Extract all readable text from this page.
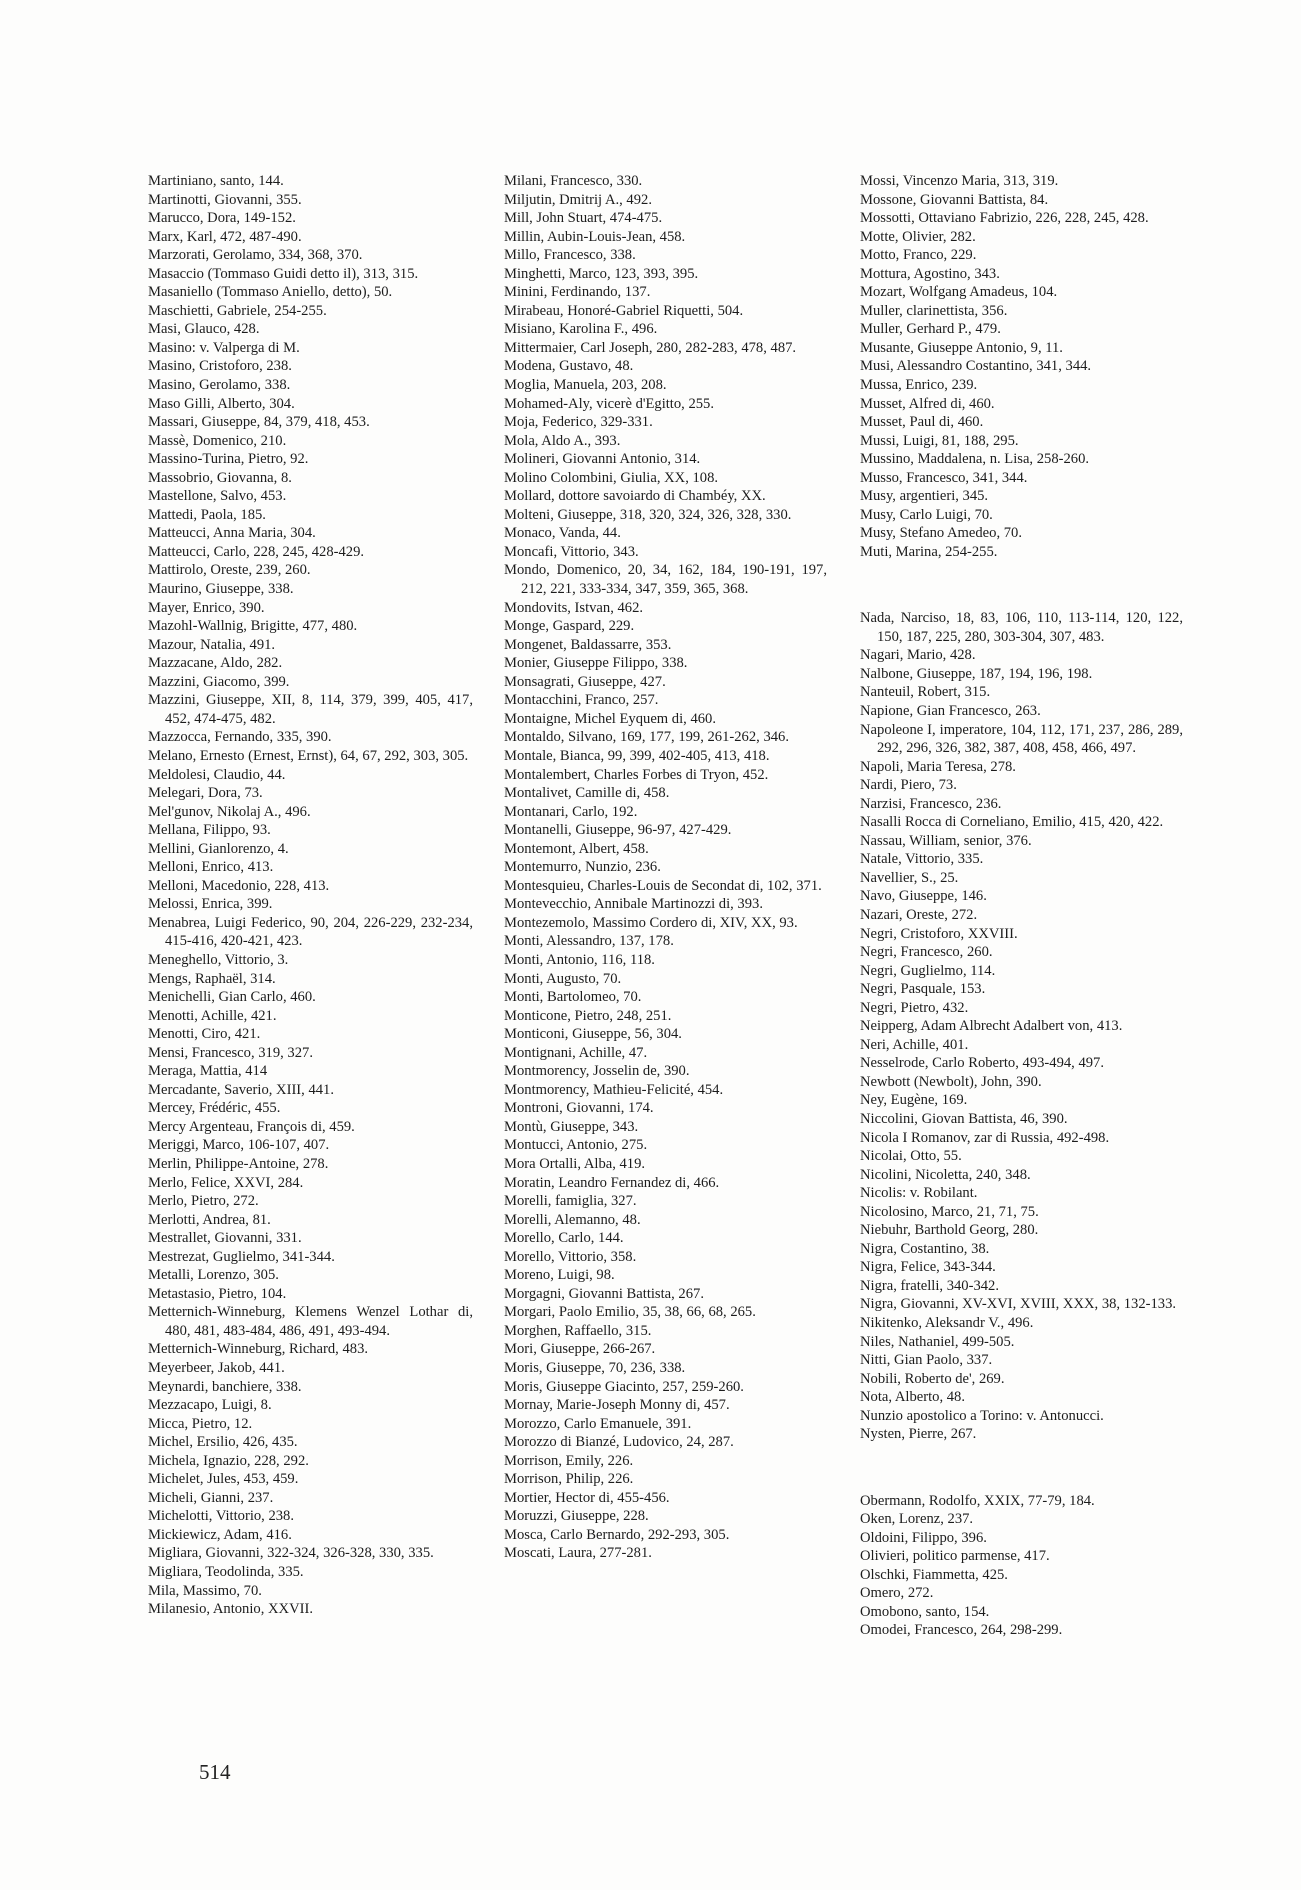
Martiniano, santo, 144.

Martinotti, Giovanni, 355.

Marucco, Dora, 149-152.

Marx, Karl, 472, 487-490.

Marzorati, Gerolamo, 334, 368, 370.

Masaccio (Tommaso Guidi detto il), 313, 315.

Masaniello (Tommaso Aniello, detto), 50.

Maschietti, Gabriele, 254-255.

Masi, Glauco, 428.

Masino: v. Valperga di M.

Masino, Cristoforo, 238.

Masino, Gerolamo, 338.

Maso Gilli, Alberto, 304.

Massari, Giuseppe, 84, 379, 418, 453.

Massè, Domenico, 210.

Massino-Turina, Pietro, 92.

Massobrio, Giovanna, 8.

Mastellone, Salvo, 453.

Mattedi, Paola, 185.

Matteucci, Anna Maria, 304.

Matteucci, Carlo, 228, 245, 428-429.

Mattirolo, Oreste, 239, 260.

Maurino, Giuseppe, 338.

Mayer, Enrico, 390.

Mazohl-Wallnig, Brigitte, 477, 480.

Mazour, Natalia, 491.

Mazzacane, Aldo, 282.

Mazzini, Giacomo, 399.

Mazzini, Giuseppe, XII, 8, 114, 379, 399, 405, 417, 452, 474-475, 482.

Mazzocca, Fernando, 335, 390.

Melano, Ernesto (Ernest, Ernst), 64, 67, 292, 303, 305.

Meldolesi, Claudio, 44.

Melegari, Dora, 73.

Mel'gunov, Nikolaj A., 496.

Mellana, Filippo, 93.

Mellini, Gianlorenzo, 4.

Melloni, Enrico, 413.

Melloni, Macedonio, 228, 413.

Melossi, Enrica, 399.

Menabrea, Luigi Federico, 90, 204, 226-229, 232-234, 415-416, 420-421, 423.

Meneghello, Vittorio, 3.

Mengs, Raphaël, 314.

Menichelli, Gian Carlo, 460.

Menotti, Achille, 421.

Menotti, Ciro, 421.

Mensi, Francesco, 319, 327.

Meraga, Mattia, 414

Mercadante, Saverio, XIII, 441.

Mercey, Frédéric, 455.

Mercy Argenteau, François di, 459.

Meriggi, Marco, 106-107, 407.

Merlin, Philippe-Antoine, 278.

Merlo, Felice, XXVI, 284.

Merlo, Pietro, 272.

Merlotti, Andrea, 81.

Mestrallet, Giovanni, 331.

Mestrezat, Guglielmo, 341-344.

Metalli, Lorenzo, 305.

Metastasio, Pietro, 104.

Metternich-Winneburg, Klemens Wenzel Lothar di, 480, 481, 483-484, 486, 491, 493-494.

Metternich-Winneburg, Richard, 483.

Meyerbeer, Jakob, 441.

Meynardi, banchiere, 338.

Mezzacapo, Luigi, 8.

Micca, Pietro, 12.

Michel, Ersilio, 426, 435.

Michela, Ignazio, 228, 292.

Michelet, Jules, 453, 459.

Micheli, Gianni, 237.

Michelotti, Vittorio, 238.

Mickiewicz, Adam, 416.

Migliara, Giovanni, 322-324, 326-328, 330, 335.

Migliara, Teodolinda, 335.

Mila, Massimo, 70.

Milanesio, Antonio, XXVII.

Milani, Francesco, 330.

Miljutin, Dmitrij A., 492.

Mill, John Stuart, 474-475.

Millin, Aubin-Louis-Jean, 458.

Millo, Francesco, 338.

Minghetti, Marco, 123, 393, 395.

Minini, Ferdinando, 137.

Mirabeau, Honoré-Gabriel Riquetti, 504.

Misiano, Karolina F., 496.

Mittermaier, Carl Joseph, 280, 282-283, 478, 487.

Modena, Gustavo, 48.

Moglia, Manuela, 203, 208.

Mohamed-Aly, vicerè d'Egitto, 255.

Moja, Federico, 329-331.

Mola, Aldo A., 393.

Molineri, Giovanni Antonio, 314.

Molino Colombini, Giulia, XX, 108.

Mollard, dottore savoiardo di Chambéy, XX.

Molteni, Giuseppe, 318, 320, 324, 326, 328, 330.

Monaco, Vanda, 44.

Moncafi, Vittorio, 343.

Mondo, Domenico, 20, 34, 162, 184, 190-191, 197, 212, 221, 333-334, 347, 359, 365, 368.

Mondovits, Istvan, 462.

Monge, Gaspard, 229.

Mongenet, Baldassarre, 353.

Monier, Giuseppe Filippo, 338.

Monsagrati, Giuseppe, 427.

Montacchini, Franco, 257.

Montaigne, Michel Eyquem di, 460.

Montaldo, Silvano, 169, 177, 199, 261-262, 346.

Montale, Bianca, 99, 399, 402-405, 413, 418.

Montalembert, Charles Forbes di Tryon, 452.

Montalivet, Camille di, 458.

Montanari, Carlo, 192.

Montanelli, Giuseppe, 96-97, 427-429.

Montemont, Albert, 458.

Montemurro, Nunzio, 236.

Montesquieu, Charles-Louis de Secondat di, 102, 371.

Montevecchio, Annibale Martinozzi di, 393.

Montezemolo, Massimo Cordero di, XIV, XX, 93.

Monti, Alessandro, 137, 178.

Monti, Antonio, 116, 118.

Monti, Augusto, 70.

Monti, Bartolomeo, 70.

Monticone, Pietro, 248, 251.

Monticoni, Giuseppe, 56, 304.

Montignani, Achille, 47.

Montmorency, Josselin de, 390.

Montmorency, Mathieu-Felicité, 454.

Montroni, Giovanni, 174.

Montù, Giuseppe, 343.

Montucci, Antonio, 275.

Mora Ortalli, Alba, 419.

Moratin, Leandro Fernandez di, 466.

Morelli, famiglia, 327.

Morelli, Alemanno, 48.

Morello, Carlo, 144.

Morello, Vittorio, 358.

Moreno, Luigi, 98.

Morgagni, Giovanni Battista, 267.

Morgari, Paolo Emilio, 35, 38, 66, 68, 265.

Morghen, Raffaello, 315.

Mori, Giuseppe, 266-267.

Moris, Giuseppe, 70, 236, 338.

Moris, Giuseppe Giacinto, 257, 259-260.

Mornay, Marie-Joseph Monny di, 457.

Morozzo, Carlo Emanuele, 391.

Morozzo di Bianzé, Ludovico, 24, 287.

Morrison, Emily, 226.

Morrison, Philip, 226.

Mortier, Hector di, 455-456.

Moruzzi, Giuseppe, 228.

Mosca, Carlo Bernardo, 292-293, 305.

Moscati, Laura, 277-281.

Mossi, Vincenzo Maria, 313, 319.

Mossone, Giovanni Battista, 84.

Mossotti, Ottaviano Fabrizio, 226, 228, 245, 428.

Motte, Olivier, 282.

Motto, Franco, 229.

Mottura, Agostino, 343.

Mozart, Wolfgang Amadeus, 104.

Muller, clarinettista, 356.

Muller, Gerhard P., 479.

Musante, Giuseppe Antonio, 9, 11.

Musi, Alessandro Costantino, 341, 344.

Mussa, Enrico, 239.

Musset, Alfred di, 460.

Musset, Paul di, 460.

Mussi, Luigi, 81, 188, 295.

Mussino, Maddalena, n. Lisa, 258-260.

Musso, Francesco, 341, 344.

Musy, argentieri, 345.

Musy, Carlo Luigi, 70.

Musy, Stefano Amedeo, 70.

Muti, Marina, 254-255.

Nada, Narciso, 18, 83, 106, 110, 113-114, 120, 122, 150, 187, 225, 280, 303-304, 307, 483.

Nagari, Mario, 428.

Nalbone, Giuseppe, 187, 194, 196, 198.

Nanteuil, Robert, 315.

Napione, Gian Francesco, 263.

Napoleone I, imperatore, 104, 112, 171, 237, 286, 289, 292, 296, 326, 382, 387, 408, 458, 466, 497.

Napoli, Maria Teresa, 278.

Nardi, Piero, 73.

Narzisi, Francesco, 236.

Nasalli Rocca di Corneliano, Emilio, 415, 420, 422.

Nassau, William, senior, 376.

Natale, Vittorio, 335.

Navellier, S., 25.

Navo, Giuseppe, 146.

Nazari, Oreste, 272.

Negri, Cristoforo, XXVIII.

Negri, Francesco, 260.

Negri, Guglielmo, 114.

Negri, Pasquale, 153.

Negri, Pietro, 432.

Neipperg, Adam Albrecht Adalbert von, 413.

Neri, Achille, 401.

Nesselrode, Carlo Roberto, 493-494, 497.

Newbott (Newbolt), John, 390.

Ney, Eugène, 169.

Niccolini, Giovan Battista, 46, 390.

Nicola I Romanov, zar di Russia, 492-498.

Nicolai, Otto, 55.

Nicolini, Nicoletta, 240, 348.

Nicolis: v. Robilant.

Nicolosino, Marco, 21, 71, 75.

Niebuhr, Barthold Georg, 280.

Nigra, Costantino, 38.

Nigra, Felice, 343-344.

Nigra, fratelli, 340-342.

Nigra, Giovanni, XV-XVI, XVIII, XXX, 38, 132-133.

Nikitenko, Aleksandr V., 496.

Niles, Nathaniel, 499-505.

Nitti, Gian Paolo, 337.

Nobili, Roberto de', 269.

Nota, Alberto, 48.

Nunzio apostolico a Torino: v. Antonucci.

Nysten, Pierre, 267.

Obermann, Rodolfo, XXIX, 77-79, 184.

Oken, Lorenz, 237.

Oldoini, Filippo, 396.

Olivieri, politico parmense, 417.

Olschki, Fiammetta, 425.

Omero, 272.

Omobono, santo, 154.

Omodei, Francesco, 264, 298-299.

514
